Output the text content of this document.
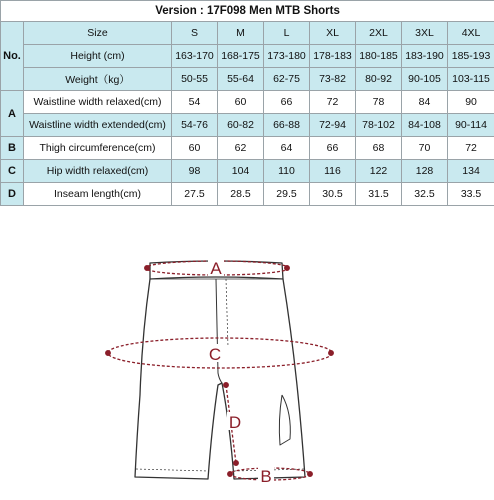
Version : 17F098 Men MTB Shorts								
No.	Size	S	M	L	XL	2XL	3XL	4XL
	Height (cm)	163-170	168-175	173-180	178-183	180-185	183-190	185-193
	Weight（kg）	50-55	55-64	62-75	73-82	80-92	90-105	103-115
A	Waistline width relaxed(cm)	54	60	66	72	78	84	90
	Waistline width extended(cm)	54-76	60-82	66-88	72-94	78-102	84-108	90-114
B	Thigh circumference(cm)	60	62	64	66	68	70	72
C	Hip width relaxed(cm)	98	104	110	116	122	128	134
D	Inseam length(cm)	27.5	28.5	29.5	30.5	31.5	32.5	33.5
A
C
D
B
